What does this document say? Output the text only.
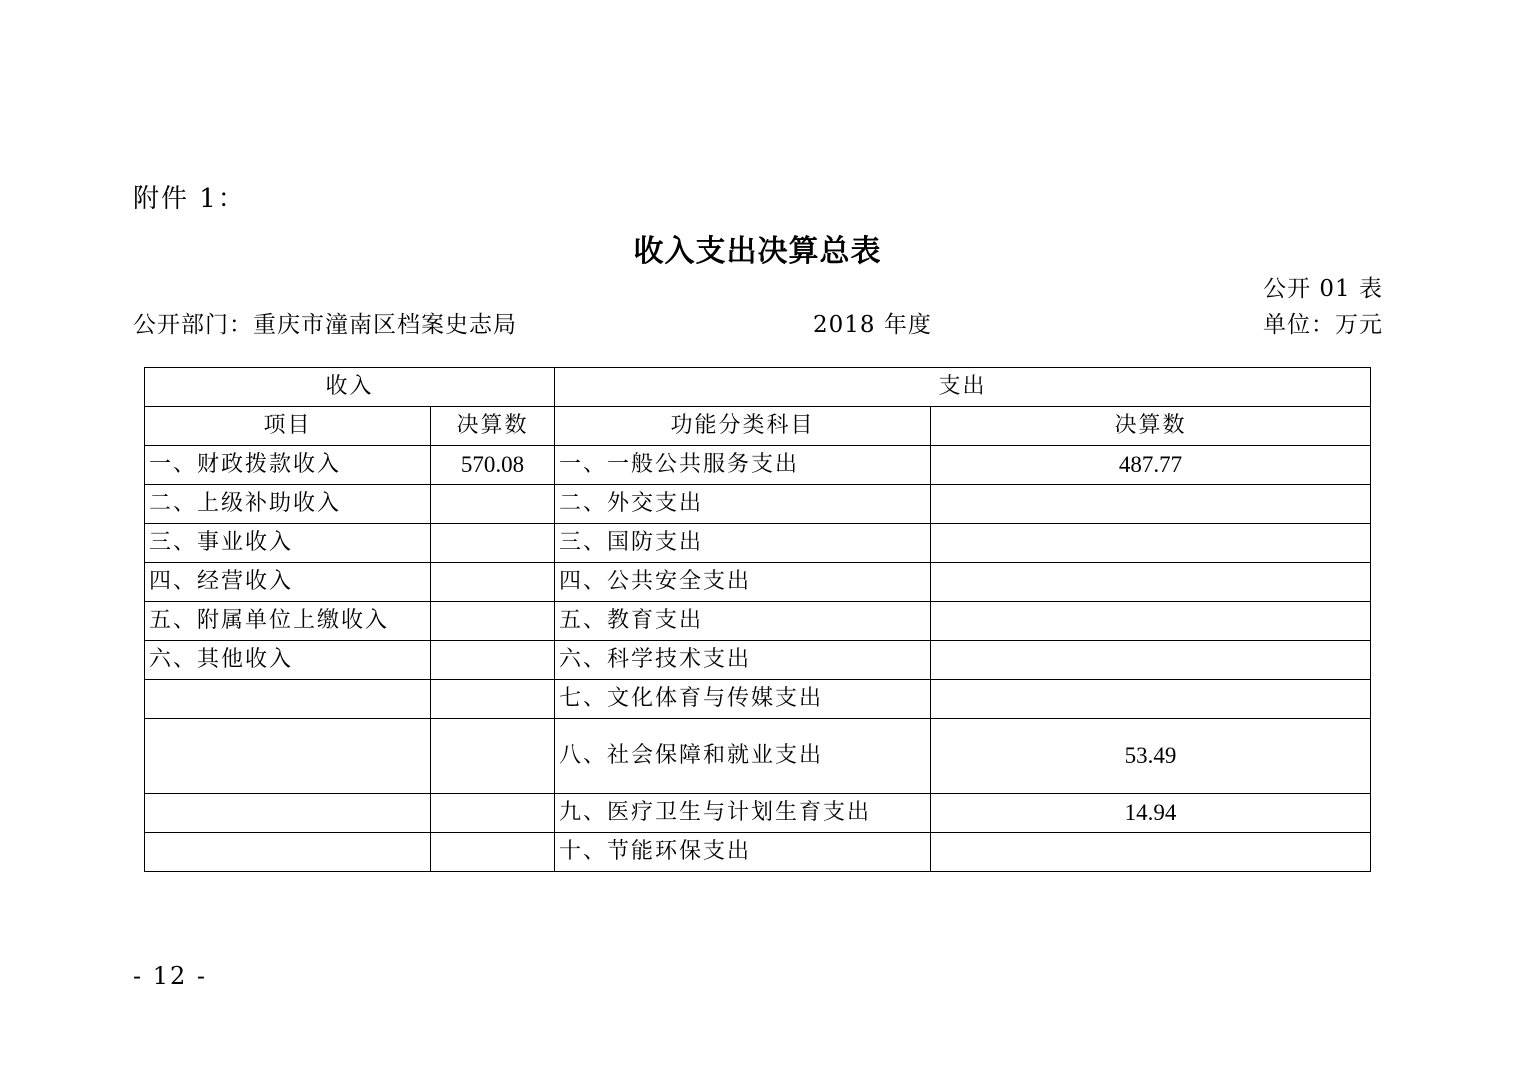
附件 1：
收入支出决算总表
公开 01 表
公开部门：重庆市潼南区档案史志局	2018 年度	单位：万元
收入		支出	
项目	决算数	功能分类科目	决算数
一、财政拨款收入	570.08	一、一般公共服务支出	487.77
二、上级补助收入		二、外交支出	
三、事业收入		三、国防支出	
四、经营收入		四、公共安全支出	
五、附属单位上缴收入		五、教育支出	
六、其他收入		六、科学技术支出	
		七、文化体育与传媒支出	
		八、社会保障和就业支出	53.49
		九、医疗卫生与计划生育支出	14.94
		十、节能环保支出	
- 12 -
